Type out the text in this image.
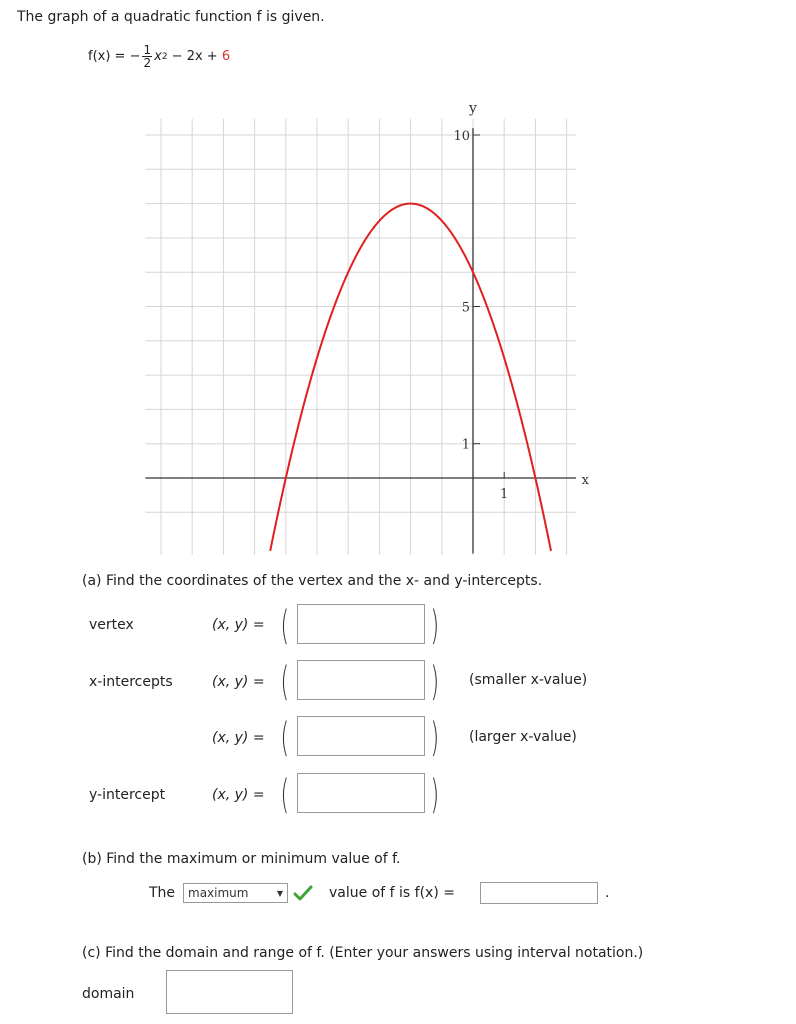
The graph of a quadratic function f is given.
f(x) = − $\frac{1}{2}$ x 2 − 2x + 6
10
5
1
1
x
y
(a) Find the coordinates of the vertex and the x- and y-intercepts.
vertex	(x, y) = (	)
x-intercepts	(x, y) = (	) (smaller x-value)
(x, y) = (	) (larger x-value)
y-intercept	(x, y) = (	)
(b) Find the maximum or minimum value of f.
The maximum	▼	value of f is f(x) =	.
(c) Find the domain and range of f. (Enter your answers using interval notation.)
domain
